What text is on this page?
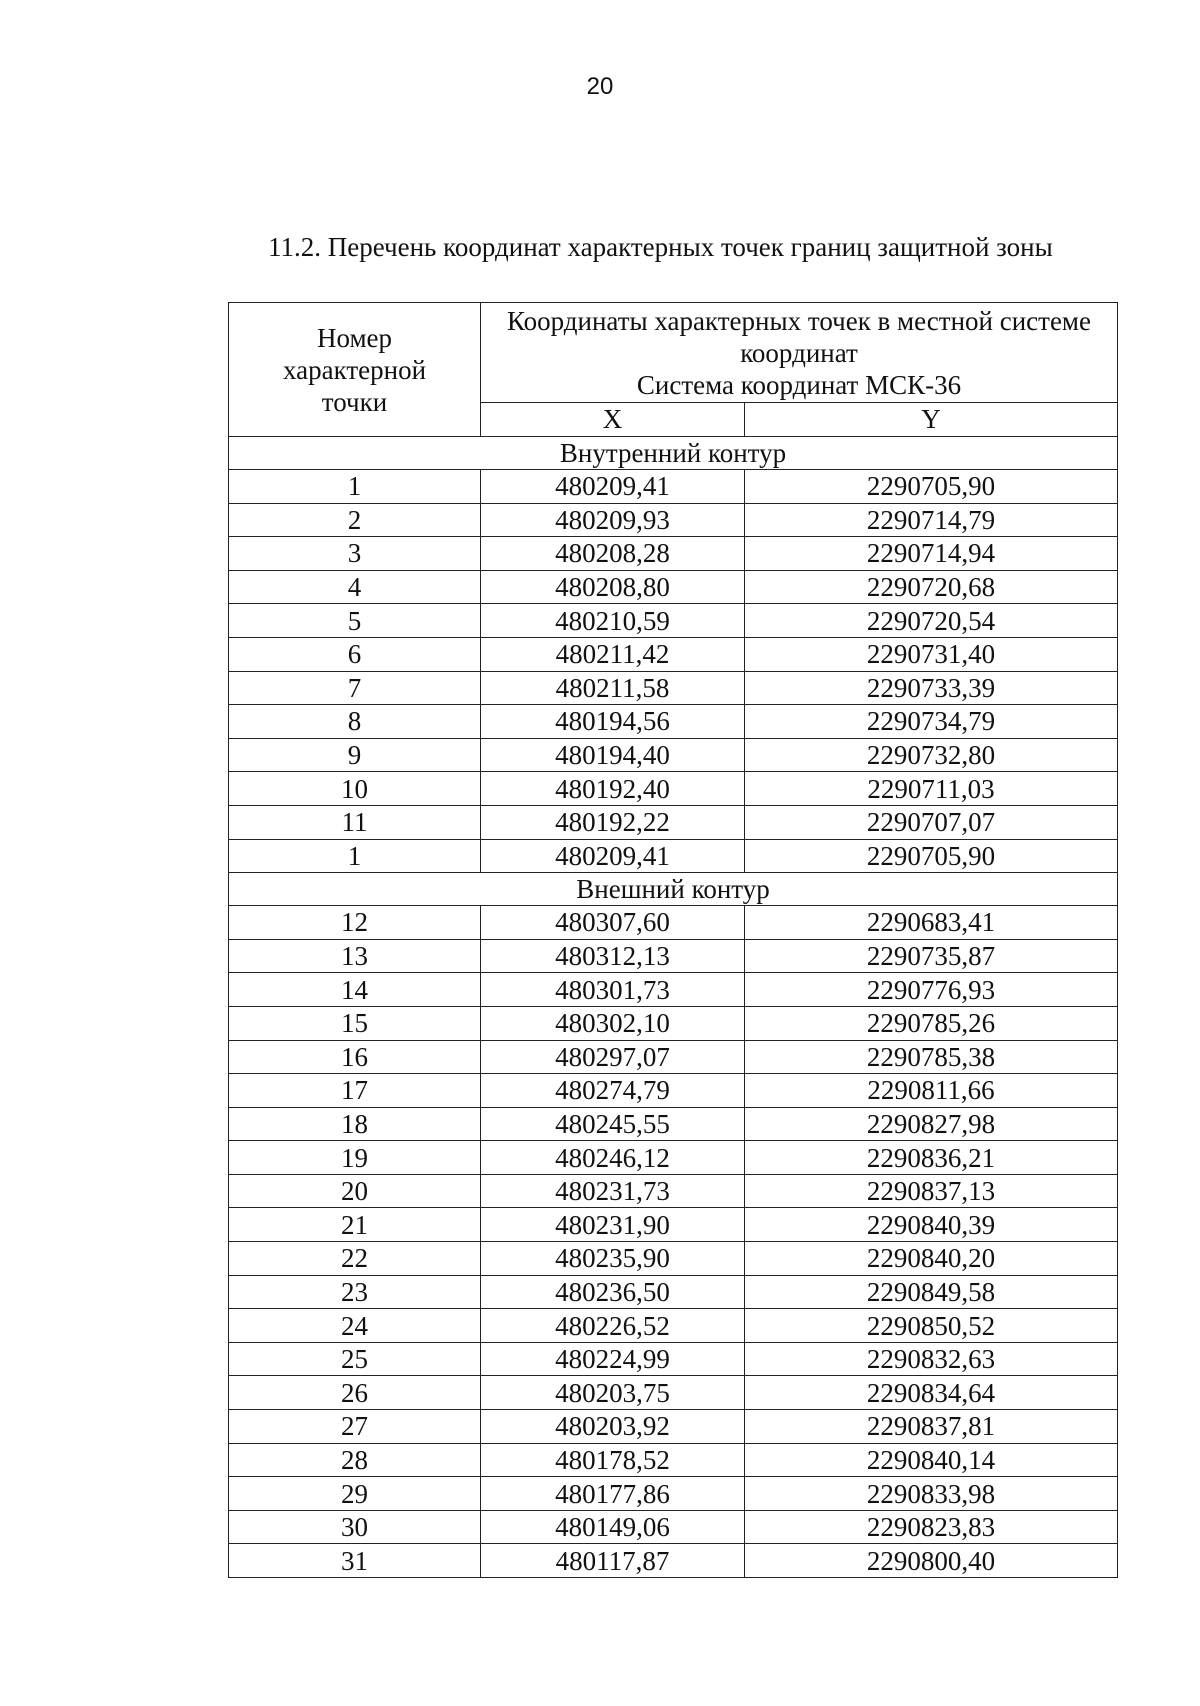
20
11.2. Перечень координат характерных точек границ защитной зоны
Номер характерной точки	Координаты характерных точек в местной системе координат
Система координат МСК-36	

	X	Y
Внутренний контур		
1	480209,41	2290705,90
2	480209,93	2290714,79
3	480208,28	2290714,94
4	480208,80	2290720,68
5	480210,59	2290720,54
6	480211,42	2290731,40
7	480211,58	2290733,39
8	480194,56	2290734,79
9	480194,40	2290732,80
10	480192,40	2290711,03
11	480192,22	2290707,07
1	480209,41	2290705,90
Внешний контур		
12	480307,60	2290683,41
13	480312,13	2290735,87
14	480301,73	2290776,93
15	480302,10	2290785,26
16	480297,07	2290785,38
17	480274,79	2290811,66
18	480245,55	2290827,98
19	480246,12	2290836,21
20	480231,73	2290837,13
21	480231,90	2290840,39
22	480235,90	2290840,20
23	480236,50	2290849,58
24	480226,52	2290850,52
25	480224,99	2290832,63
26	480203,75	2290834,64
27	480203,92	2290837,81
28	480178,52	2290840,14
29	480177,86	2290833,98
30	480149,06	2290823,83
31	480117,87	2290800,40
